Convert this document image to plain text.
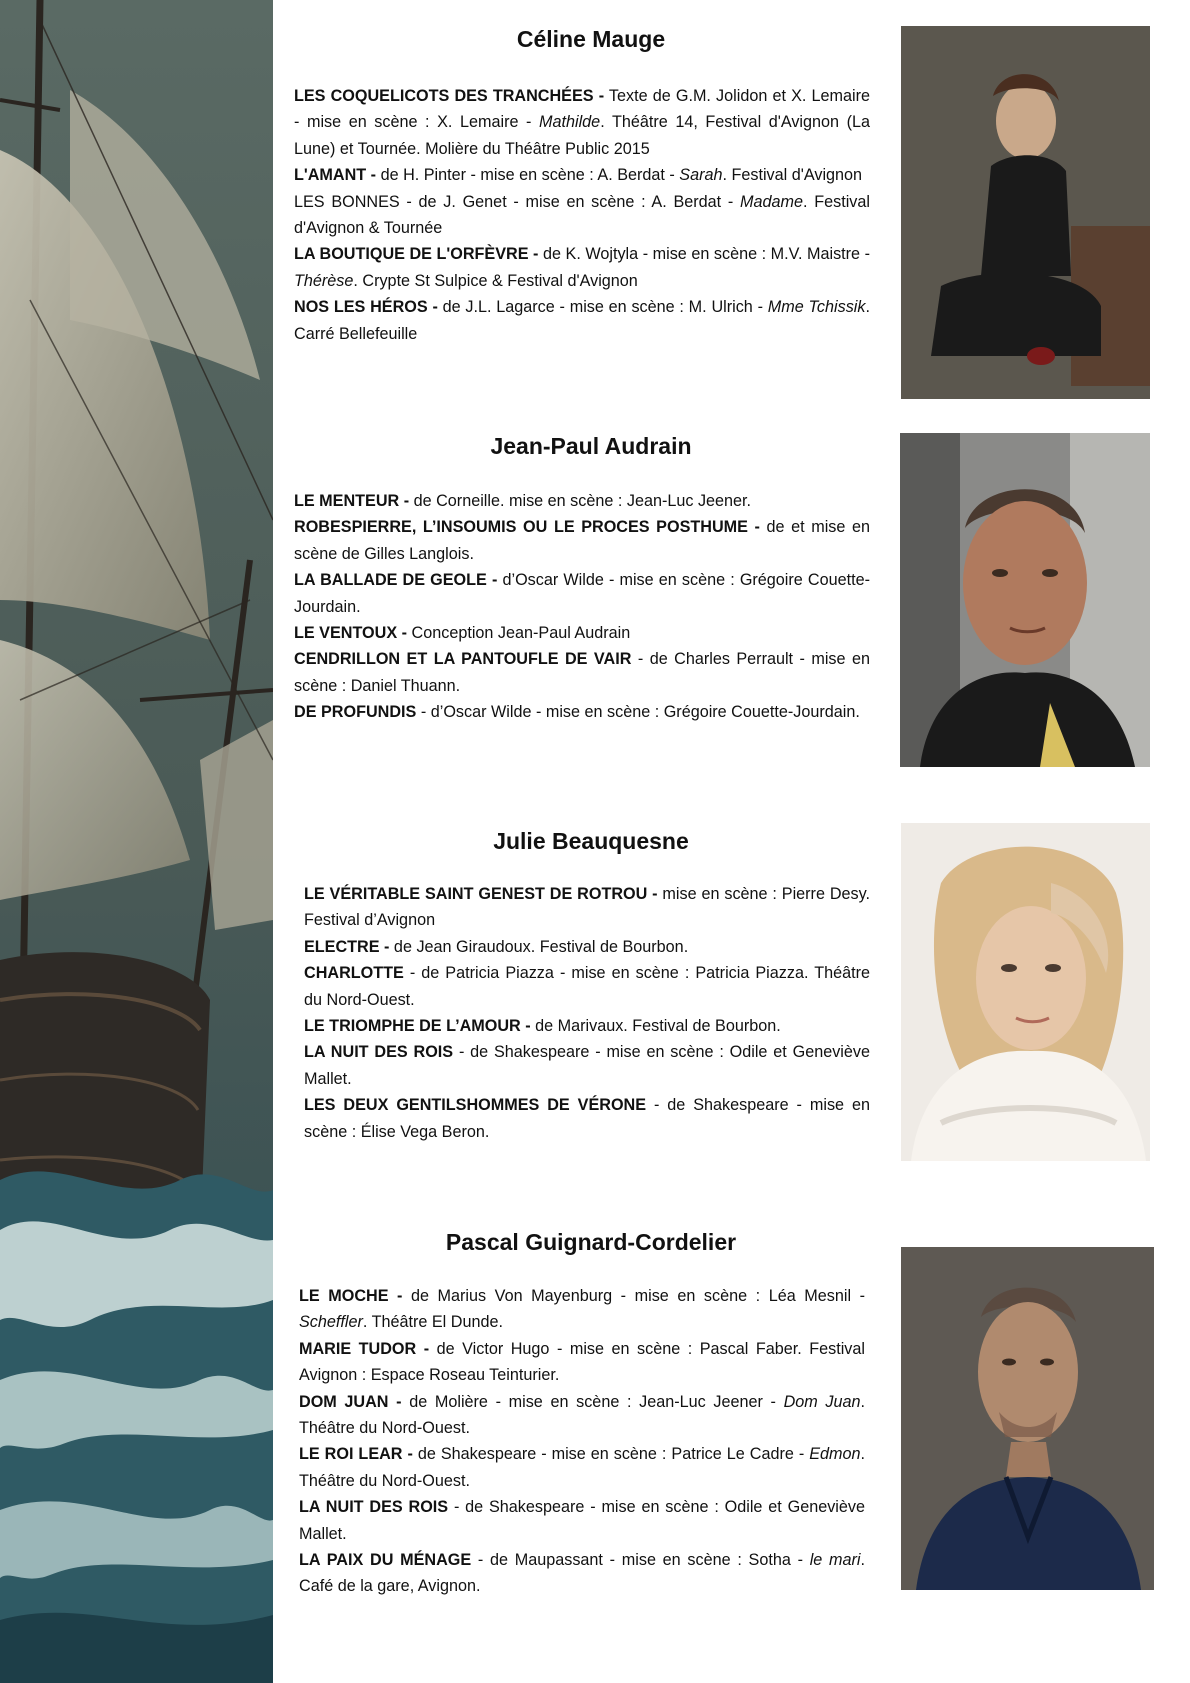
Céline Mauge

LES COQUELICOTS DES TRANCHÉES - Texte de G.M. Jolidon et X. Lemaire - mise en scène : X. Lemaire - Mathilde. Théâtre 14, Festival d'Avignon (La Lune) et Tournée. Molière du Théâtre Public 2015

L'AMANT - de H. Pinter - mise en scène : A. Berdat - Sarah. Festival d'Avignon

LES BONNES - de J. Genet - mise en scène : A. Berdat - Madame. Festival d'Avignon & Tournée

LA BOUTIQUE DE L'ORFÈVRE - de K. Wojtyla - mise en scène : M.V. Maistre - Thérèse. Crypte St Sulpice & Festival d'Avignon

NOS LES HÉROS - de J.L. Lagarce - mise en scène : M. Ulrich - Mme Tchissik. Carré Bellefeuille

Jean-Paul Audrain

LE MENTEUR - de Corneille. mise en scène : Jean-Luc Jeener.

ROBESPIERRE, L’INSOUMIS OU LE PROCES POSTHUME - de et mise en scène de Gilles Langlois.

LA BALLADE DE GEOLE - d’Oscar Wilde - mise en scène : Grégoire Couette-Jourdain.

LE VENTOUX - Conception Jean-Paul Audrain

CENDRILLON ET LA PANTOUFLE DE VAIR - de Charles Perrault - mise en scène : Daniel Thuann.

DE PROFUNDIS - d’Oscar Wilde - mise en scène : Grégoire Couette-Jourdain.

Julie Beauquesne

LE VÉRITABLE SAINT GENEST DE ROTROU - mise en scène : Pierre Desy. Festival d’Avignon

ELECTRE - de Jean Giraudoux. Festival de Bourbon.

CHARLOTTE - de Patricia Piazza - mise en scène : Patricia Piazza. Théâtre du Nord-Ouest.

LE TRIOMPHE DE L’AMOUR - de Marivaux. Festival de Bourbon.

LA NUIT DES ROIS - de Shakespeare - mise en scène : Odile et Geneviève Mallet.

LES DEUX GENTILSHOMMES DE VÉRONE - de Shakespeare - mise en scène : Élise Vega Beron.

Pascal Guignard-Cordelier

LE MOCHE - de Marius Von Mayenburg - mise en scène : Léa Mesnil - Scheffler. Théâtre El Dunde.

MARIE TUDOR - de Victor Hugo - mise en scène : Pascal Faber. Festival Avignon : Espace Roseau Teinturier.

DOM JUAN - de Molière - mise en scène : Jean-Luc Jeener - Dom Juan. Théâtre du Nord-Ouest.

LE ROI LEAR - de Shakespeare - mise en scène : Patrice Le Cadre - Edmon. Théâtre du Nord-Ouest.

LA NUIT DES ROIS - de Shakespeare - mise en scène : Odile et Geneviève Mallet.

LA PAIX DU MÉNAGE - de Maupassant - mise en scène : Sotha - le mari. Café de la gare, Avignon.
